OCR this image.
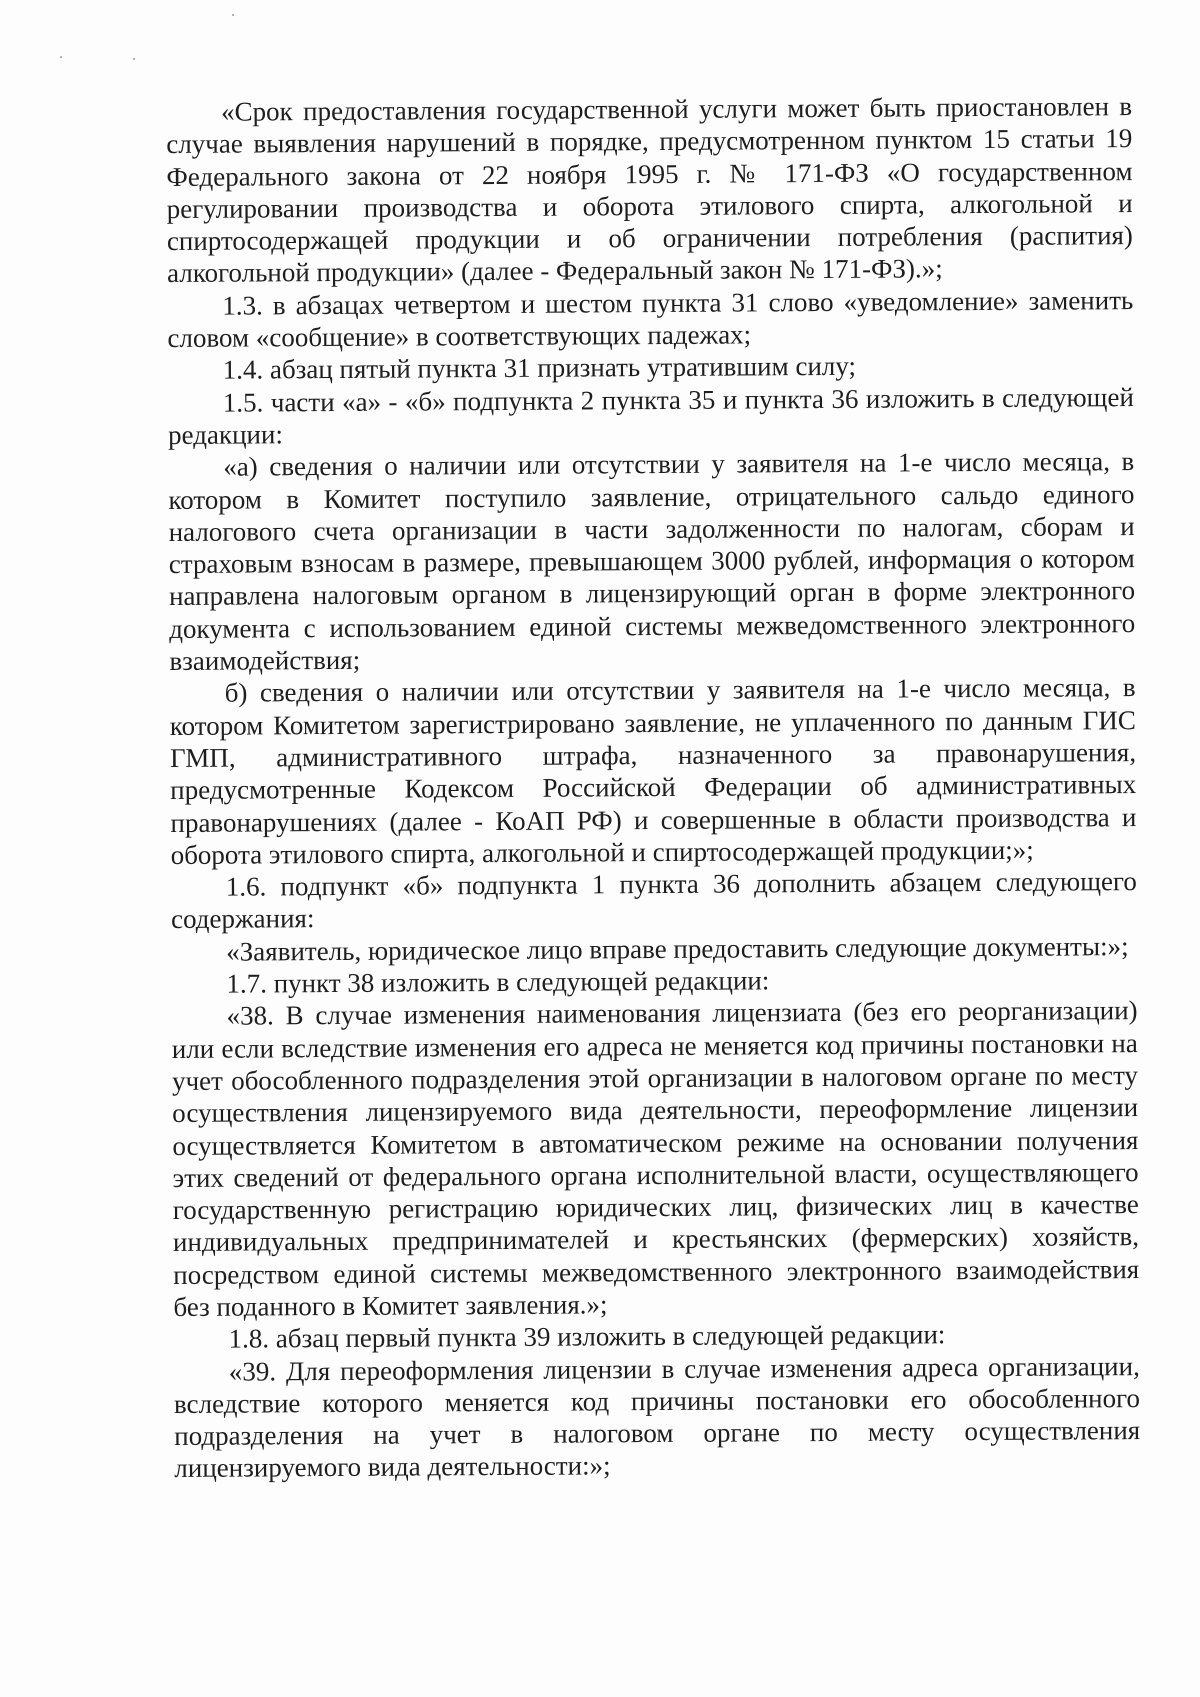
«Срок предоставления государственной услуги может быть приостановлен в случае выявления нарушений в порядке, предусмотренном пунктом 15 статьи 19 Федерального закона от 22 ноября 1995 г. № 171-ФЗ «О государственном регулировании производства и оборота этилового спирта, алкогольной и спиртосодержащей продукции и об ограничении потребления (распития) алкогольной продукции» (далее - Федеральный закон № 171-ФЗ).»;

1.3. в абзацах четвертом и шестом пункта 31 слово «уведомление» заменить словом «сообщение» в соответствующих падежах;

1.4. абзац пятый пункта 31 признать утратившим силу;

1.5. части «а» - «б» подпункта 2 пункта 35 и пункта 36 изложить в следующей редакции:

«а) сведения о наличии или отсутствии у заявителя на 1-е число месяца, в котором в Комитет поступило заявление, отрицательного сальдо единого налогового счета организации в части задолженности по налогам, сборам и страховым взносам в размере, превышающем 3000 рублей, информация о котором направлена налоговым органом в лицензирующий орган в форме электронного документа с использованием единой системы межведомственного электронного взаимодействия;

б) сведения о наличии или отсутствии у заявителя на 1-е число месяца, в котором Комитетом зарегистрировано заявление, не уплаченного по данным ГИС ГМП, административного штрафа, назначенного за правонарушения, предусмотренные Кодексом Российской Федерации об административных правонарушениях (далее - КоАП РФ) и совершенные в области производства и оборота этилового спирта, алкогольной и спиртосодержащей продукции;»;

1.6. подпункт «б» подпункта 1 пункта 36 дополнить абзацем следующего содержания:

«Заявитель, юридическое лицо вправе предоставить следующие документы:»;

1.7. пункт 38 изложить в следующей редакции:

«38. В случае изменения наименования лицензиата (без его реорганизации) или если вследствие изменения его адреса не меняется код причины постановки на учет обособленного подразделения этой организации в налоговом органе по месту осуществления лицензируемого вида деятельности, переоформление лицензии осуществляется Комитетом в автоматическом режиме на основании получения этих сведений от федерального органа исполнительной власти, осуществляющего государственную регистрацию юридических лиц, физических лиц в качестве индивидуальных предпринимателей и крестьянских (фермерских) хозяйств, посредством единой системы межведомственного электронного взаимодействия без поданного в Комитет заявления.»;

1.8. абзац первый пункта 39 изложить в следующей редакции:

«39. Для переоформления лицензии в случае изменения адреса организации, вследствие которого меняется код причины постановки его обособленного подразделения на учет в налоговом органе по месту осуществления лицензируемого вида деятельности:»;
